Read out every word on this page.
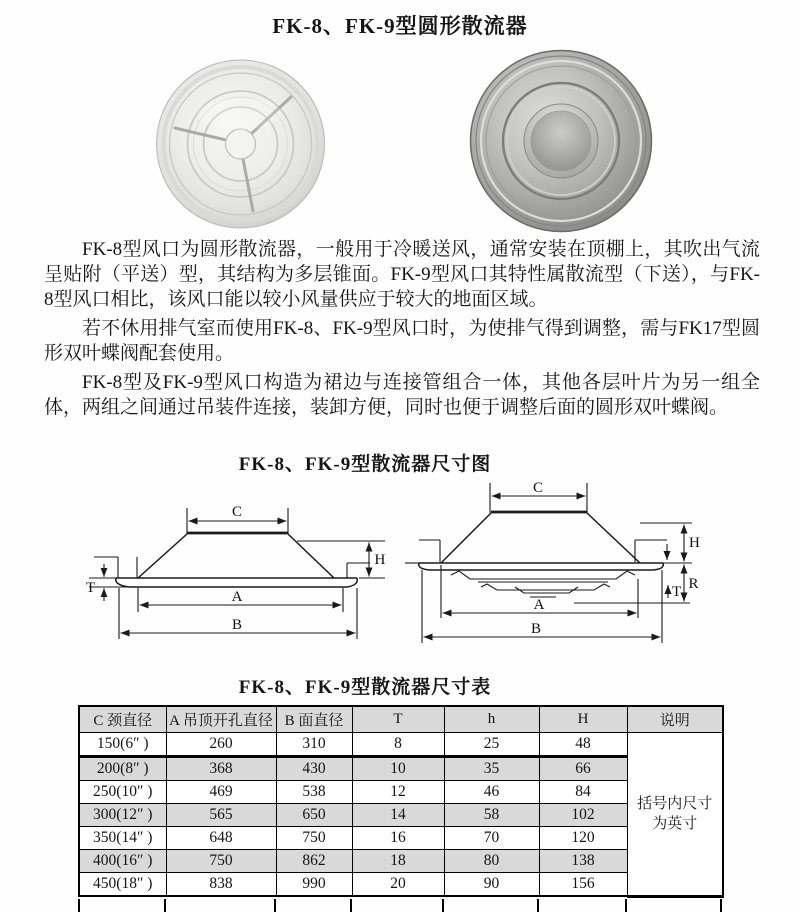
FK-8、FK-9型圆形散流器

FK-8型风口为圆形散流器，一般用于冷暖送风，通常安装在顶棚上，其吹出气流呈贴附（平送）型，其结构为多层锥面。FK-9型风口其特性属散流型（下送），与FK-8型风口相比，该风口能以较小风量供应于较大的地面区域。

若不休用排气室而使用FK-8、FK-9型风口时，为使排气得到调整，需与FK17型圆形双叶蝶阀配套使用。

FK-8型及FK-9型风口构造为裙边与连接管组合一体，其他各层叶片为另一组全体，两组之间通过吊装件连接，装卸方便，同时也便于调整后面的圆形双叶蝶阀。

FK-8、FK-9型散流器尺寸图
C
H
T
A
B
C
H
R
T
A
B
FK-8、FK-9型散流器尺寸表
C 颈直径	A 吊顶开孔直径	B 面直径	T	h	H	说明
150(6″ )	260	310	8	25	48	括号内尺寸为英寸
200(8″ )	368	430	10	35	66	
250(10″ )	469	538	12	46	84	
300(12″ )	565	650	14	58	102	
350(14″ )	648	750	16	70	120	
400(16″ )	750	862	18	80	138	
450(18″ )	838	990	20	90	156	
